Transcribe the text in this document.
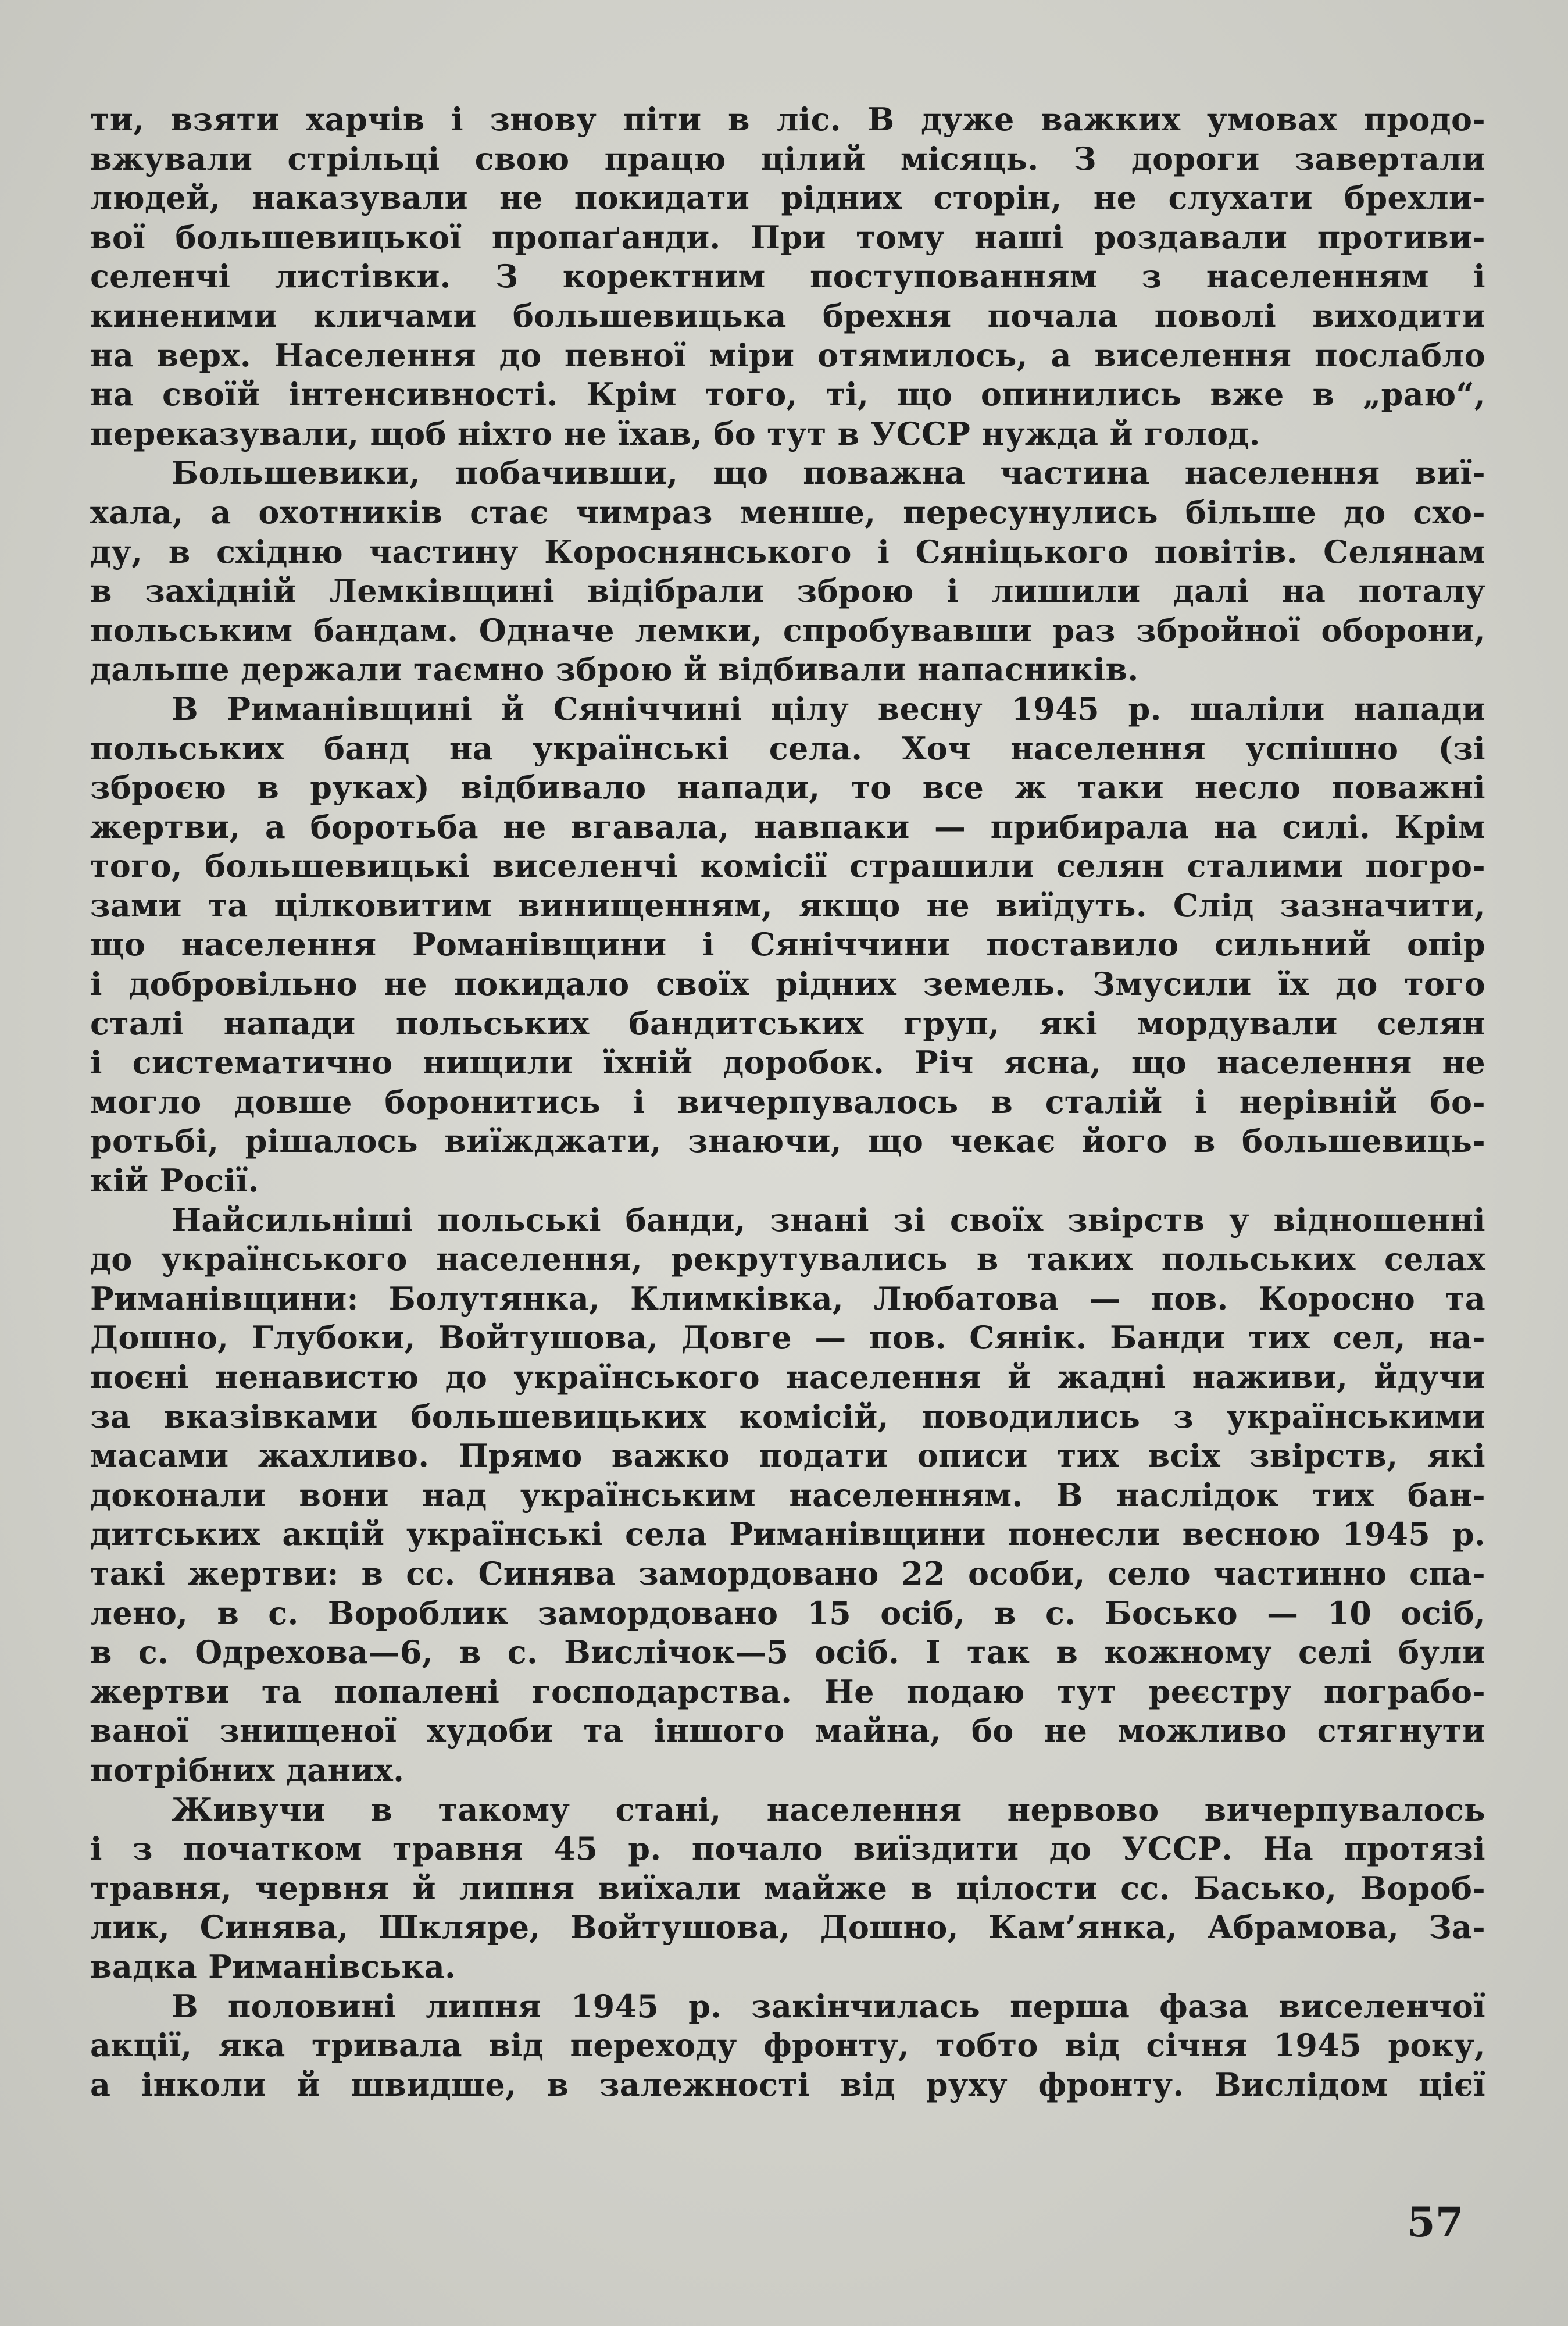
ти, взяти харчів і знову піти в ліс. В дуже важких умовах продо-
вжували стрільці свою працю цілий місяць. З дороги завертали
людей, наказували не покидати рідних сторін, не слухати брехли-
вої большевицької пропаґанди. При тому наші роздавали противи-
селенчі листівки. З коректним поступованням з населенням і
киненими кличами большевицька брехня почала поволі виходити
на верх. Населення до певної міри отямилось, а виселення послабло
на своїй інтенсивності. Крім того, ті, що опинились вже в „раю“,
переказували, щоб ніхто не їхав, бо тут в УССР нужда й голод.
Большевики, побачивши, що поважна частина населення виї-
хала, а охотників стає чимраз менше, пересунулись більше до схо-
ду, в східню частину Короснянського і Сяніцького повітів. Селянам
в західній Лемківщині відібрали зброю і лишили далі на поталу
польським бандам. Одначе лемки, спробувавши раз збройної оборони,
дальше держали таємно зброю й відбивали напасників.
В Риманівщині й Сяніччині цілу весну 1945 р. шаліли напади
польських банд на українські села. Хоч населення успішно (зі
зброєю в руках) відбивало напади, то все ж таки несло поважні
жертви, а боротьба не вгавала, навпаки — прибирала на силі. Крім
того, большевицькі виселенчі комісії страшили селян сталими погро-
зами та цілковитим винищенням, якщо не виїдуть. Слід зазначити,
що населення Романівщини і Сяніччини поставило сильний опір
і добровільно не покидало своїх рідних земель. Змусили їх до того
сталі напади польських бандитських груп, які мордували селян
і систематично нищили їхній доробок. Річ ясна, що населення не
могло довше боронитись і вичерпувалось в сталій і нерівній бо-
ротьбі, рішалось виїжджати, знаючи, що чекає його в большевиць-
кій Росії.
Найсильніші польські банди, знані зі своїх звірств у відношенні
до українського населення, рекрутувались в таких польських селах
Риманівщини: Болутянка, Климківка, Любатова — пов. Коросно та
Дошно, Глубоки, Войтушова, Довге — пов. Сянік. Банди тих сел, на-
поєні ненавистю до українського населення й жадні наживи, йдучи
за вказівками большевицьких комісій, поводились з українськими
масами жахливо. Прямо важко подати описи тих всіх звірств, які
доконали вони над українським населенням. В наслідок тих бан-
дитських акцій українські села Риманівщини понесли весною 1945 р.
такі жертви: в сс. Синява замордовано 22 особи, село частинно спа-
лено, в с. Вороблик замордовано 15 осіб, в с. Босько — 10 осіб,
в с. Одрехова—6, в с. Вислічок—5 осіб. І так в кожному селі були
жертви та попалені господарства. Не подаю тут реєстру пограбо-
ваної знищеної худоби та іншого майна, бо не можливо стягнути
потрібних даних.
Живучи в такому стані, населення нервово вичерпувалось
і з початком травня 45 р. почало виїздити до УССР. На протязі
травня, червня й липня виїхали майже в цілости сс. Басько, Вороб-
лик, Синява, Шкляре, Войтушова, Дошно, Кам’янка, Абрамова, За-
вадка Риманівська.
В половині липня 1945 р. закінчилась перша фаза виселенчої
акції, яка тривала від переходу фронту, тобто від січня 1945 року,
а інколи й швидше, в залежності від руху фронту. Вислідом цієї
57
